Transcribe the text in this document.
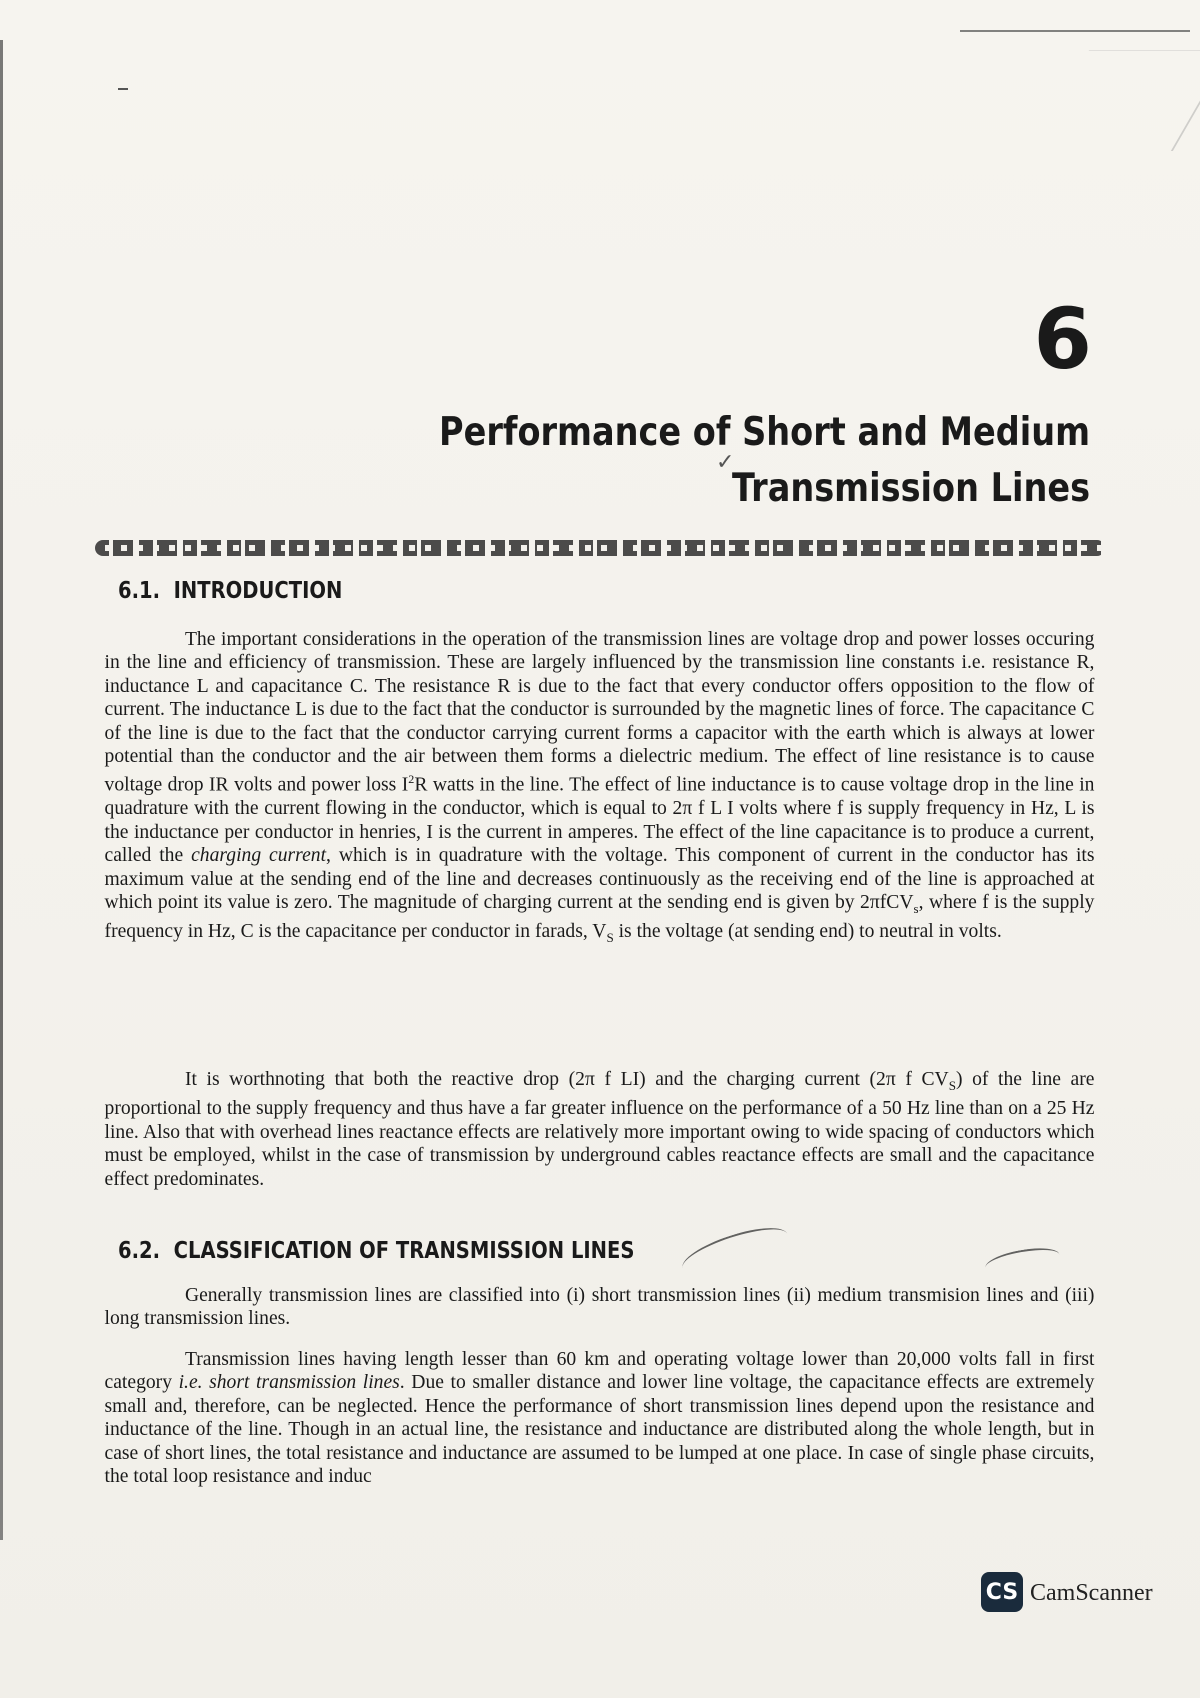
6
Performance of Short and Medium
Transmission Lines
✓
6.1. INTRODUCTION

The important considerations in the operation of the transmission lines are voltage drop and power losses occuring in the line and efficiency of transmission. These are largely influenced by the transmission line constants i.e. resistance R, inductance L and capacitance C. The resistance R is due to the fact that every conductor offers opposition to the flow of current. The inductance L is due to the fact that the conductor is surrounded by the magnetic lines of force. The capacitance C of the line is due to the fact that the conductor carrying current forms a capacitor with the earth which is always at lower potential than the conductor and the air between them forms a dielectric medium. The effect of line resistance is to cause voltage drop IR volts and power loss $I^2R$ watts in the line. The effect of line inductance is to cause voltage drop in the line in quadrature with the current flowing in the conductor, which is equal to 2π f L I volts where f is supply frequency in Hz, L is the inductance per conductor in henries, I is the current in amperes. The effect of the line capacitance is to produce a current, called the charging current, which is in quadrature with the voltage. This component of current in the conductor has its maximum value at the sending end of the line and decreases continuously as the receiving end of the line is approached at which point its value is zero. The magnitude of charging current at the sending end is given by 2πfCV$_s$, where f is the supply frequency in Hz, C is the capacitance per conductor in farads, $V_S$ is the voltage (at sending end) to neutral in volts.

It is worthnoting that both the reactive drop (2π f LI) and the charging current (2π f $CV_S$) of the line are proportional to the supply frequency and thus have a far greater influence on the performance of a 50 Hz line than on a 25 Hz line. Also that with overhead lines reactance effects are relatively more important owing to wide spacing of conductors which must be employed, whilst in the case of transmission by underground cables reactance effects are small and the capacitance effect predominates.

6.2. CLASSIFICATION OF TRANSMISSION LINES

Generally transmission lines are classified into (i) short transmission lines (ii) medium transmision lines and (iii) long transmission lines.

Transmission lines having length lesser than 60 km and operating voltage lower than 20,000 volts fall in first category i.e. short transmission lines. Due to smaller distance and lower line voltage, the capacitance effects are extremely small and, therefore, can be neglected. Hence the performance of short transmission lines depend upon the resistance and inductance of the line. Though in an actual line, the resistance and inductance are distributed along the whole length, but in case of short lines, the total resistance and inductance are assumed to be lumped at one place. In case of single phase circuits, the total loop resistance and induc

CS CamScanner
